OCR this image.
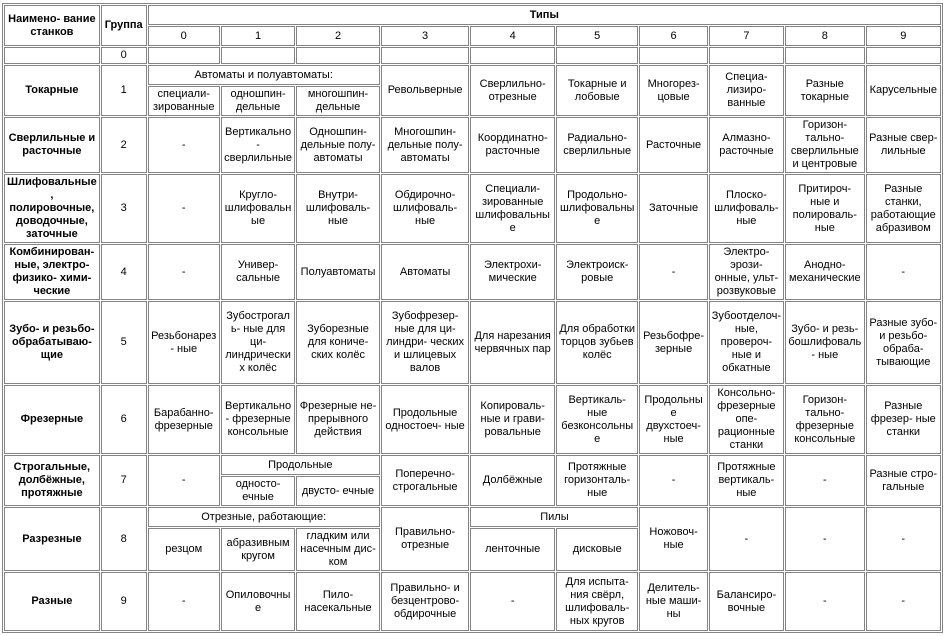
Наимено- вание станков	Группа	Типы									
		0	1	2	3	4	5	6	7	8	9
	0										
Токарные	1	Автоматы и полуавтоматы:			Револьверные	Сверлильно- отрезные	Токарные и лобовые	Многорез- цовые	Специа- лизиро- ванные	Разные токарные	Карусельные
		специали- зированные	одношпин- дельные	многошпин- дельные							
Сверлильные и расточные	2	-	Вертикально- сверлильные	Одношпин- дельные полу- автоматы	Многошпин- дельные полу- автоматы	Координатно- расточные	Радиально- сверлильные	Расточные	Алмазно- расточные	Горизон- тально- сверлильные и центровые	Разные свер- лильные
Шлифовальные, полировочные, доводочные, заточные	3	-	Кругло- шлифовальные	Внутри- шлифоваль- ные	Обдирочно- шлифоваль- ные	Специали- зированные шлифовальные	Продольно- шлифовальные	Заточные	Плоско- шлифоваль- ные	Притироч- ные и полироваль- ные	Разные станки, работающие абразивом
Комбинирован- ные, электро- физико- хими- ческие	4	-	Универ- сальные	Полуавтоматы	Автоматы	Электрохи- мические	Электроиск- ровые	-	Электро- эрози- онные, ульт- розвуковые	Анодно- механические	-
Зубо- и резьбо- обрабатываю- щие	5	Резьбонарез- ные	Зубострогаль- ные для ци- линдрических колёс	Зуборезные для кониче- ских колёс	Зубофрезер- ные для ци- линдри- ческих и шлицевых валов	Для нарезания червячных пар	Для обработки торцов зубьев колёс	Резьбофре- зерные	Зубоотделоч- ные, провероч- ные и обкатные	Зубо- и резь- бошлифоваль- ные	Разные зубо- и резьбо- обраба- тывающие
Фрезерные	6	Барабанно- фрезерные	Вертикально- фрезерные консольные	Фрезерные не- прерывного действия	Продольные одностоеч- ные	Копироваль- ные и грави- ровальные	Вертикаль- ные безконсольные	Продольные двухстоеч- ные	Консольно- фрезерные опе- рационные станки	Горизон- тально- фрезерные консольные	Разные фрезер- ные станки
Строгальные, долбёжные, протяжные	7	-	Продольные		Поперечно- строгальные	Долбёжные	Протяжные горизонталь- ные	-	Протяжные вертикаль- ные	-	Разные стро- гальные
			односто- ечные	двусто- ечные							
Разрезные	8	Отрезные, работающие:			Правильно- отрезные	Пилы		Ножовоч- ные	-	-	-
		резцом	абразивным кругом	гладким или насечным дис- ком		ленточные	дисковые				
Разные	9	-	Опиловочные	Пило- насекальные	Правильно- и безцентрово- обдирочные	-	Для испыта- ния свёрл, шлифоваль- ных кругов	Делитель- ные маши- ны	Балансиро- вочные	-	-
